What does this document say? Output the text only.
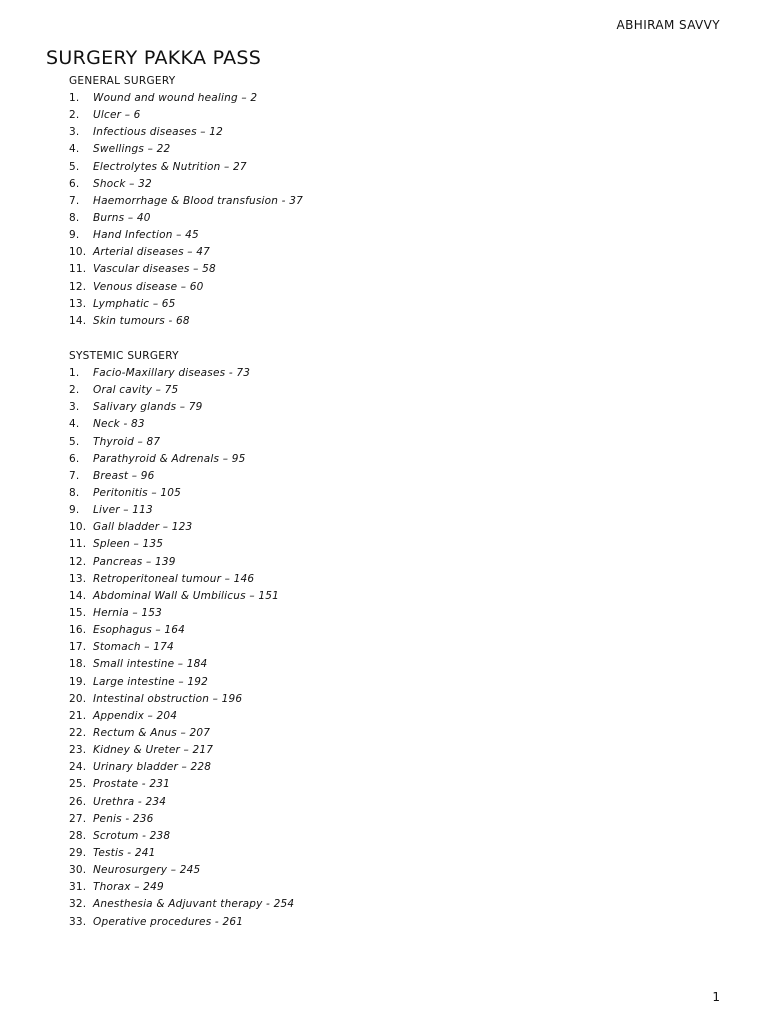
ABHIRAM SAVVY
SURGERY PAKKA PASS
GENERAL SURGERY
1.	Wound and wound healing – 2
2.	Ulcer – 6
3.	Infectious diseases – 12
4.	Swellings – 22
5.	Electrolytes & Nutrition – 27
6.	Shock – 32
7.	Haemorrhage & Blood transfusion - 37
8.	Burns – 40
9.	Hand Infection – 45
10. Arterial diseases – 47
11. Vascular diseases – 58
12. Venous disease – 60
13. Lymphatic – 65
14. Skin tumours - 68
SYSTEMIC SURGERY
1.	Facio-Maxillary diseases - 73
2.	Oral cavity – 75
3.	Salivary glands – 79
4.	Neck - 83
5.	Thyroid – 87
6.	Parathyroid & Adrenals – 95
7.	Breast – 96
8.	Peritonitis – 105
9.	Liver – 113
10. Gall bladder – 123
11. Spleen – 135
12. Pancreas – 139
13. Retroperitoneal tumour – 146
14. Abdominal Wall & Umbilicus – 151
15. Hernia – 153
16. Esophagus – 164
17. Stomach – 174
18. Small intestine – 184
19. Large intestine – 192
20. Intestinal obstruction – 196
21. Appendix – 204
22. Rectum & Anus – 207
23. Kidney & Ureter – 217
24. Urinary bladder – 228
25. Prostate - 231
26. Urethra - 234
27. Penis - 236
28. Scrotum - 238
29. Testis - 241
30. Neurosurgery – 245
31. Thorax – 249
32. Anesthesia & Adjuvant therapy - 254
33. Operative procedures - 261
1
